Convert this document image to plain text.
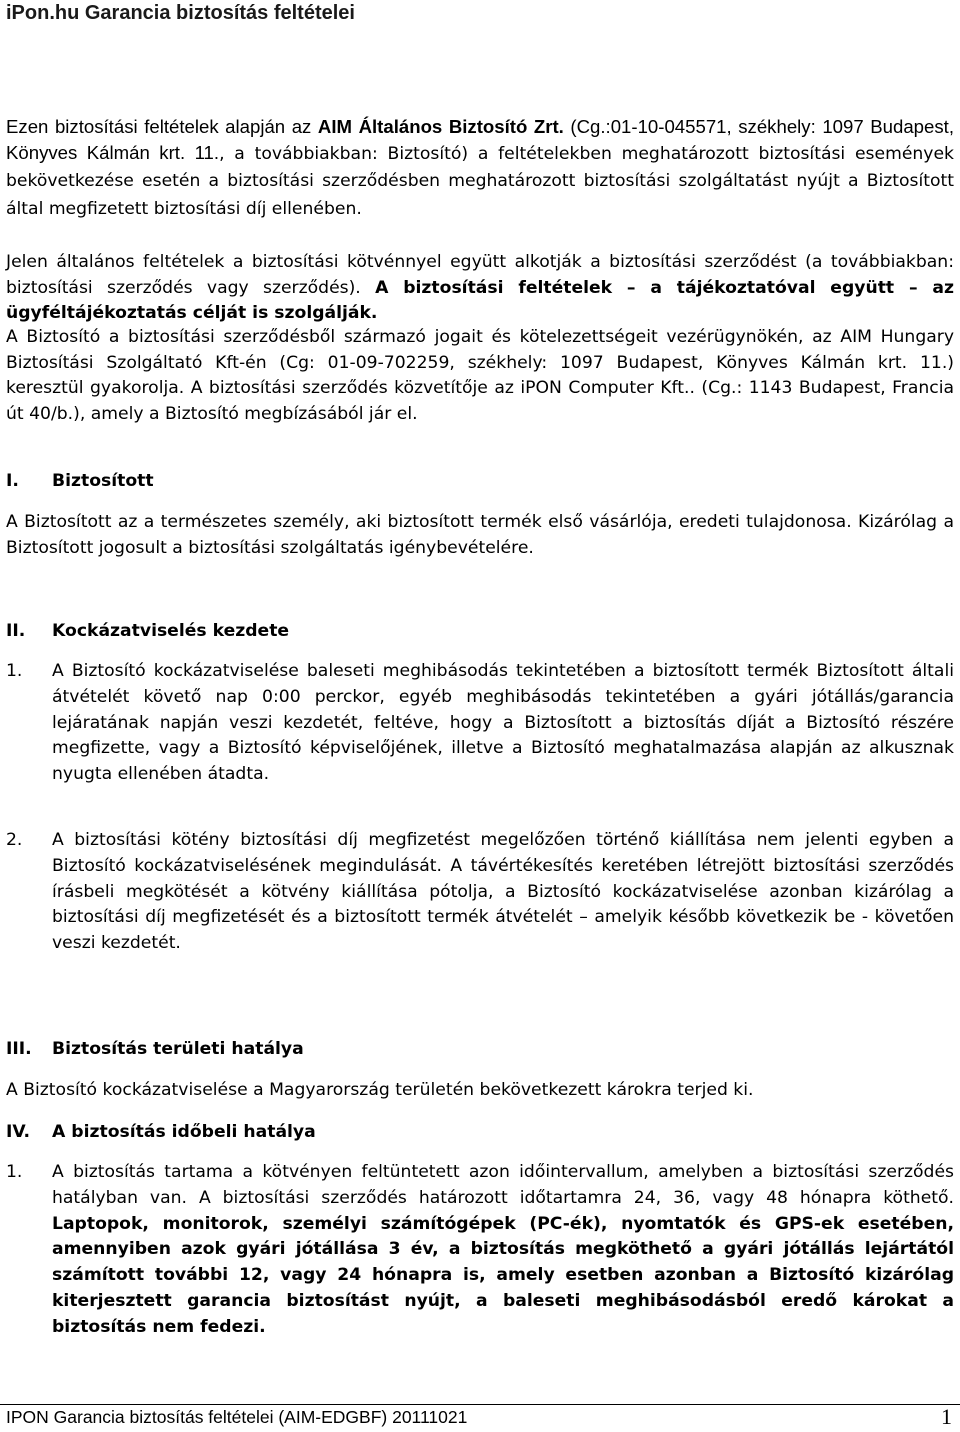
iPon.hu Garancia biztosítás feltételei
Ezen biztosítási feltételek alapján az AIM Általános Biztosító Zrt. (Cg.:01-10-045571, székhely: 1097 Budapest, Könyves Kálmán krt. 11., a továbbiakban: Biztosító) a feltételekben meghatározott biztosítási események bekövetkezése esetén a biztosítási szerződésben meghatározott biztosítási szolgáltatást nyújt a Biztosított által megfizetett biztosítási díj ellenében.
Jelen általános feltételek a biztosítási kötvénnyel együtt alkotják a biztosítási szerződést (a továbbiakban: biztosítási szerződés vagy szerződés). A biztosítási feltételek – a tájékoztatóval együtt – az ügyféltájékoztatás célját is szolgálják.
A Biztosító a biztosítási szerződésből származó jogait és kötelezettségeit vezérügynökén, az AIM Hungary Biztosítási Szolgáltató Kft-én (Cg: 01-09-702259, székhely: 1097 Budapest, Könyves Kálmán krt. 11.) keresztül gyakorolja. A biztosítási szerződés közvetítője az iPON Computer Kft.. (Cg.: 1143 Budapest, Francia út 40/b.), amely a Biztosító megbízásából jár el.
I. Biztosított
A Biztosított az a természetes személy, aki biztosított termék első vásárlója, eredeti tulajdonosa. Kizárólag a Biztosított jogosult a biztosítási szolgáltatás igénybevételére.
II. Kockázatviselés kezdete
1.	A Biztosító kockázatviselése baleseti meghibásodás tekintetében a biztosított termék Biztosított általi átvételét követő nap 0:00 perckor, egyéb meghibásodás tekintetében a gyári jótállás/garancia lejáratának napján veszi kezdetét, feltéve, hogy a Biztosított a biztosítás díját a Biztosító részére megfizette, vagy a Biztosító képviselőjének, illetve a Biztosító meghatalmazása alapján az alkusznak nyugta ellenében átadta.
2.	A biztosítási kötény biztosítási díj megfizetést megelőzően történő kiállítása nem jelenti egyben a Biztosító kockázatviselésének megindulását. A távértékesítés keretében létrejött biztosítási szerződés írásbeli megkötését a kötvény kiállítása pótolja, a Biztosító kockázatviselése azonban kizárólag a biztosítási díj megfizetését és a biztosított termék átvételét – amelyik később következik be - követően veszi kezdetét.
III. Biztosítás területi hatálya
A Biztosító kockázatviselése a Magyarország területén bekövetkezett károkra terjed ki.
IV. A biztosítás időbeli hatálya
1.	A biztosítás tartama a kötvényen feltüntetett azon időintervallum, amelyben a biztosítási szerződés hatályban van. A biztosítási szerződés határozott időtartamra 24, 36, vagy 48 hónapra köthető. Laptopok, monitorok, személyi számítógépek (PC-ék), nyomtatók és GPS-ek esetében, amennyiben azok gyári jótállása 3 év, a biztosítás megköthető a gyári jótállás lejártától számított további 12, vagy 24 hónapra is, amely esetben azonban a Biztosító kizárólag kiterjesztett garancia biztosítást nyújt, a baleseti meghibásodásból eredő károkat a biztosítás nem fedezi.
IPON Garancia biztosítás feltételei (AIM-EDGBF) 20111021	1
